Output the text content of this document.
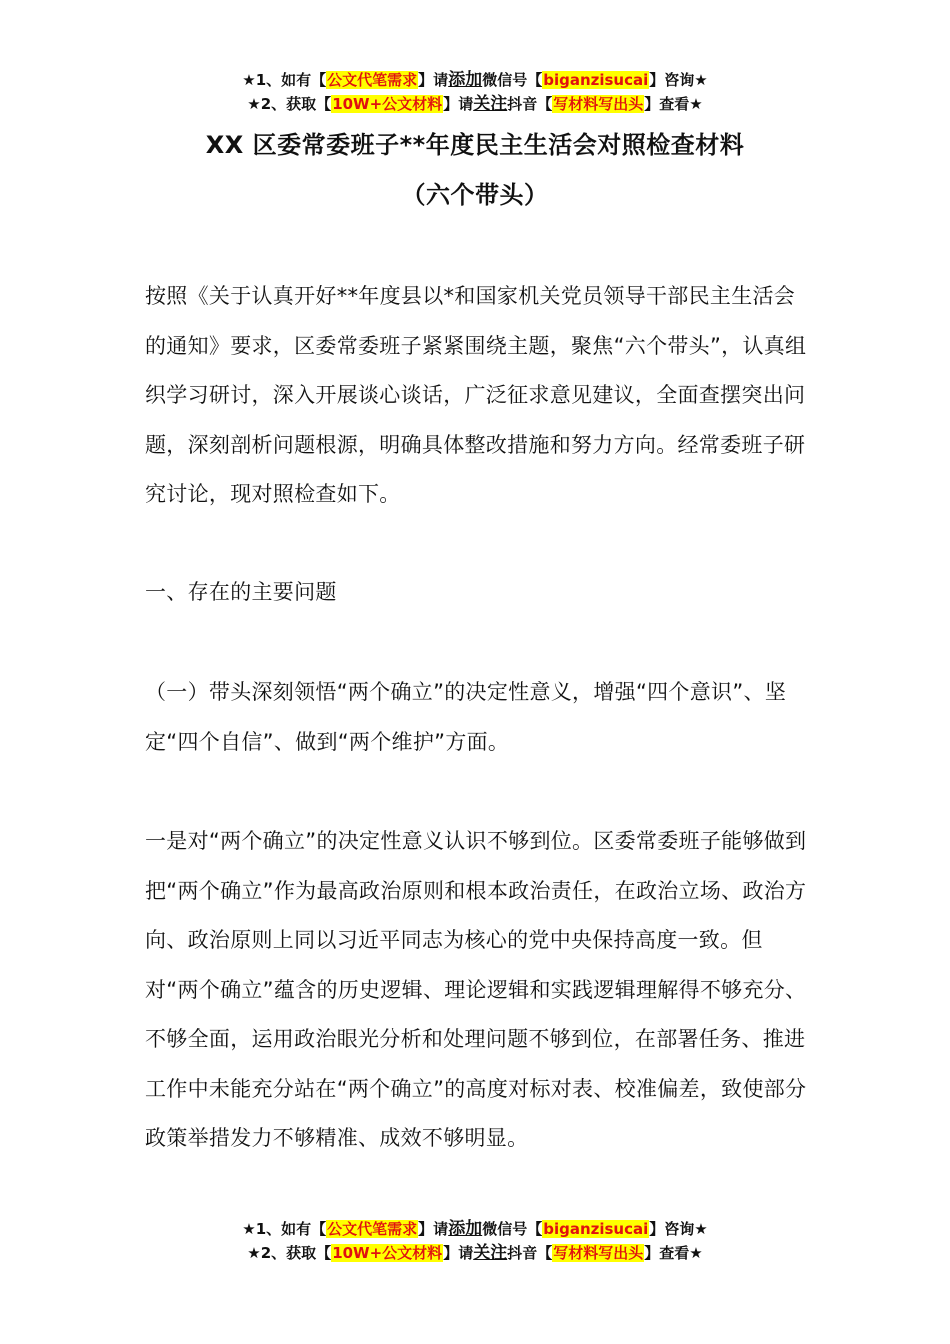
★1、如有【公文代笔需求】请添加微信号【biganzisucai】咨询★
★2、获取【10W+公文材料】请关注抖音【写材料写出头】查看★
XX 区委常委班子**年度民主生活会对照检查材料
（六个带头）

按照《关于认真开好**年度县以*和国家机关党员领导干部民主生活会的通知》要求，区委常委班子紧紧围绕主题，聚焦“六个带头”，认真组织学习研讨，深入开展谈心谈话，广泛征求意见建议，全面查摆突出问题，深刻剖析问题根源，明确具体整改措施和努力方向。经常委班子研究讨论，现对照检查如下。

一、存在的主要问题

（一）带头深刻领悟“两个确立”的决定性意义，增强“四个意识”、坚定“四个自信”、做到“两个维护”方面。

一是对“两个确立”的决定性意义认识不够到位。区委常委班子能够做到把“两个确立”作为最高政治原则和根本政治责任，在政治立场、政治方向、政治原则上同以习近平同志为核心的党中央保持高度一致。但对“两个确立”蕴含的历史逻辑、理论逻辑和实践逻辑理解得不够充分、不够全面，运用政治眼光分析和处理问题不够到位，在部署任务、推进工作中未能充分站在“两个确立”的高度对标对表、校准偏差，致使部分政策举措发力不够精准、成效不够明显。

★1、如有【公文代笔需求】请添加微信号【biganzisucai】咨询★
★2、获取【10W+公文材料】请关注抖音【写材料写出头】查看★
